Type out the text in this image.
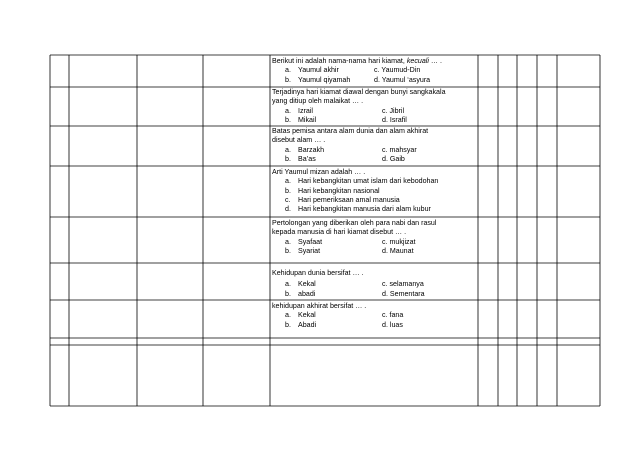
Berikut ini adalah nama-nama hari kiamat, kecuali … .
a. Yaumul akhir	c. Yaumud-Din
b. Yaumul qiyamah	d. Yaumul ‘asyura
Terjadinya hari kiamat diawal dengan bunyi sangkakala
yang ditiup oleh malaikat … .
a. Izrail	c. Jibril
b. Mikail	d. Israfil
Batas pemisa antara alam dunia dan alam akhirat
disebut alam … .
a. Barzakh	c. mahsyar
b. Ba’as	d. Gaib
Arti Yaumul mizan adalah … .
a. Hari kebangkitan umat islam dari kebodohan
b. Hari kebangkitan nasional
c. Hari pemeriksaan amal manusia
d. Hari kebangkitan manusia dari alam kubur
Pertolongan yang diberikan oleh para nabi dan rasul
kepada manusia di hari kiamat disebut … .
a. Syafaat	c. mukjizat
b. Syariat	d. Maunat
Kehidupan dunia bersifat … .
a. Kekal	c. selamanya
b. abadi	d. Sementara
kehidupan akhirat bersifat … .
a. Kekal	c. fana
b. Abadi	d. luas
